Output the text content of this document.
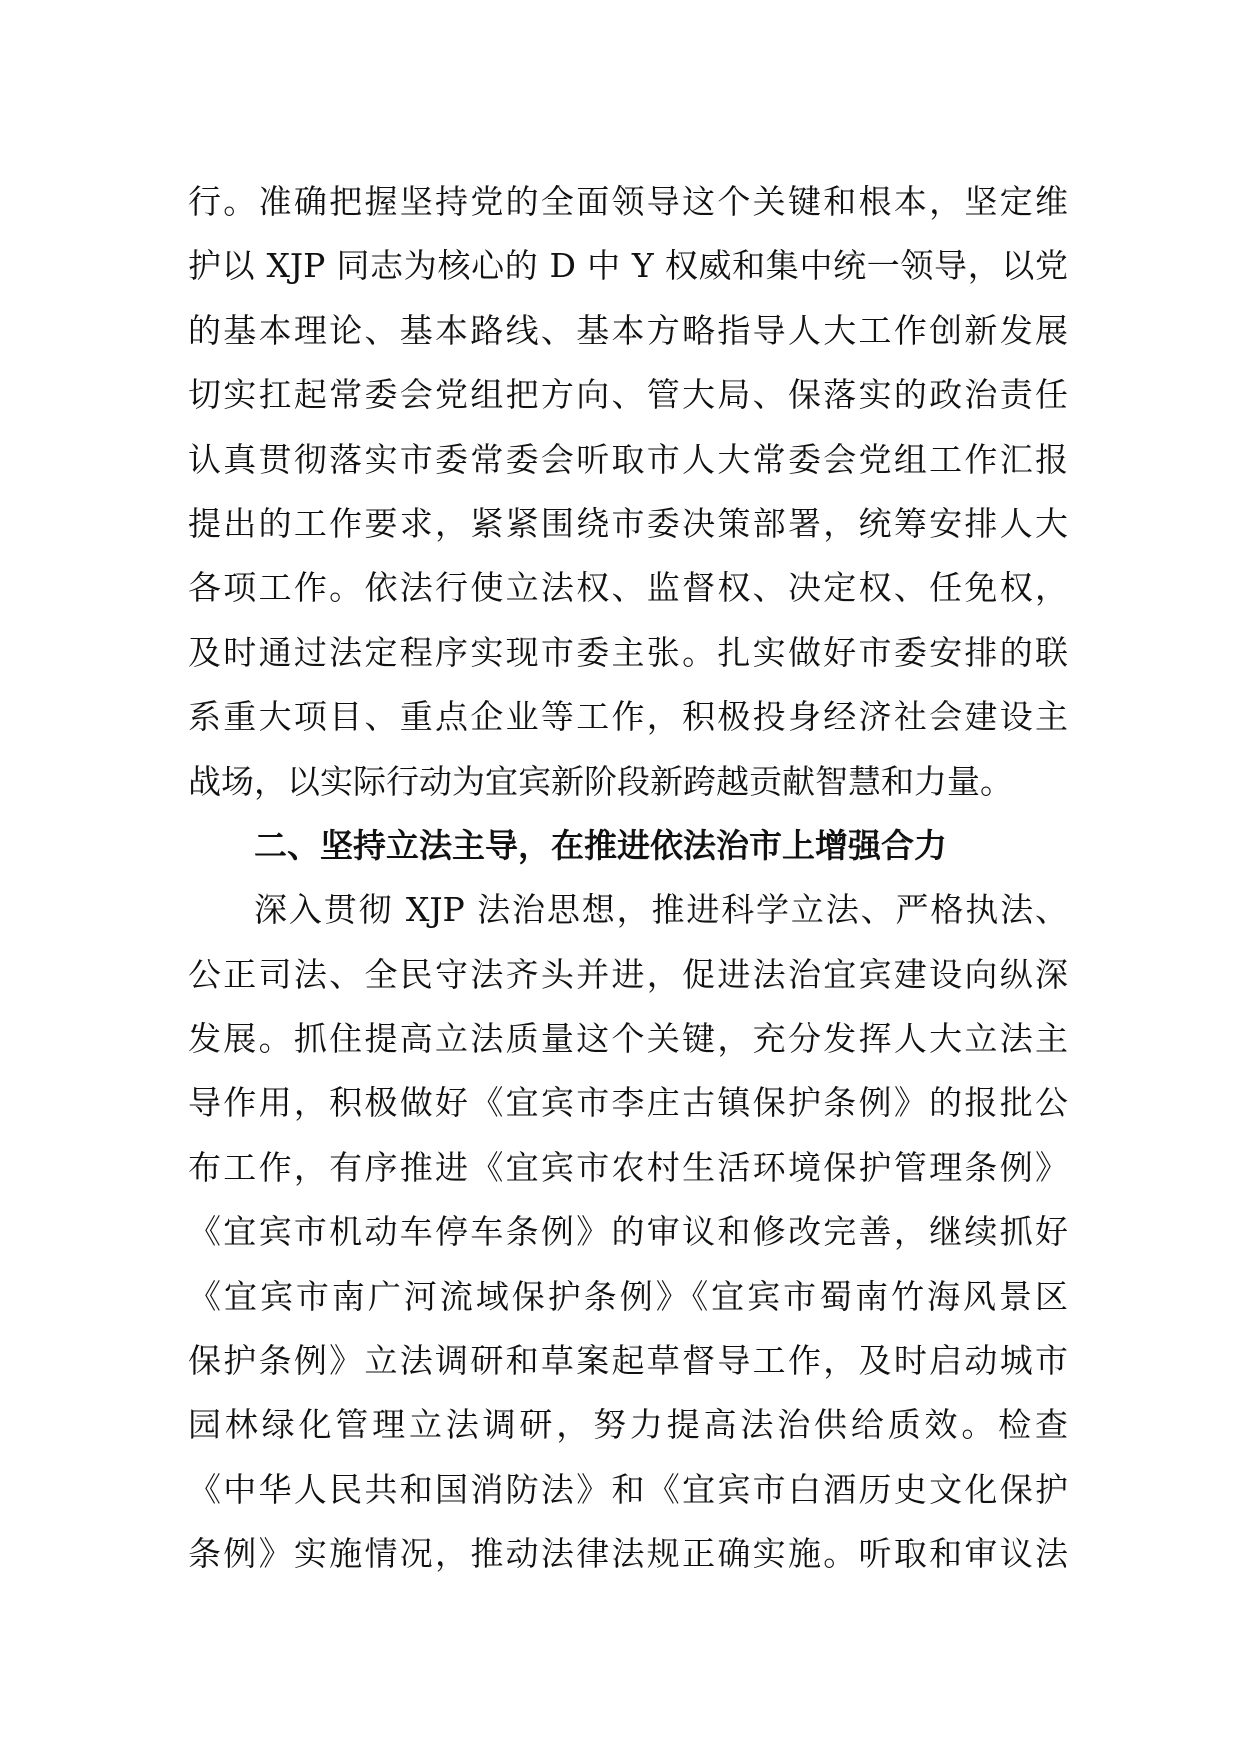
行。准确把握坚持党的全面领导这个关键和根本，坚定维
护以 XJP 同志为核心的 D 中 Y 权威和集中统一领导，以党
的基本理论、基本路线、基本方略指导人大工作创新发展
切实扛起常委会党组把方向、管大局、保落实的政治责任
认真贯彻落实市委常委会听取市人大常委会党组工作汇报
提出的工作要求，紧紧围绕市委决策部署，统筹安排人大
各项工作。依法行使立法权、监督权、决定权、任免权，
及时通过法定程序实现市委主张。扎实做好市委安排的联
系重大项目、重点企业等工作，积极投身经济社会建设主
战场，以实际行动为宜宾新阶段新跨越贡献智慧和力量。
二、坚持立法主导，在推进依法治市上增强合力
深入贯彻 XJP 法治思想，推进科学立法、严格执法、
公正司法、全民守法齐头并进，促进法治宜宾建设向纵深
发展。抓住提高立法质量这个关键，充分发挥人大立法主
导作用，积极做好《宜宾市李庄古镇保护条例》的报批公
布工作，有序推进《宜宾市农村生活环境保护管理条例》
《宜宾市机动车停车条例》的审议和修改完善，继续抓好
《宜宾市南广河流域保护条例》《宜宾市蜀南竹海风景区
保护条例》立法调研和草案起草督导工作，及时启动城市
园林绿化管理立法调研，努力提高法治供给质效。检查
《中华人民共和国消防法》和《宜宾市白酒历史文化保护
条例》实施情况，推动法律法规正确实施。听取和审议法
